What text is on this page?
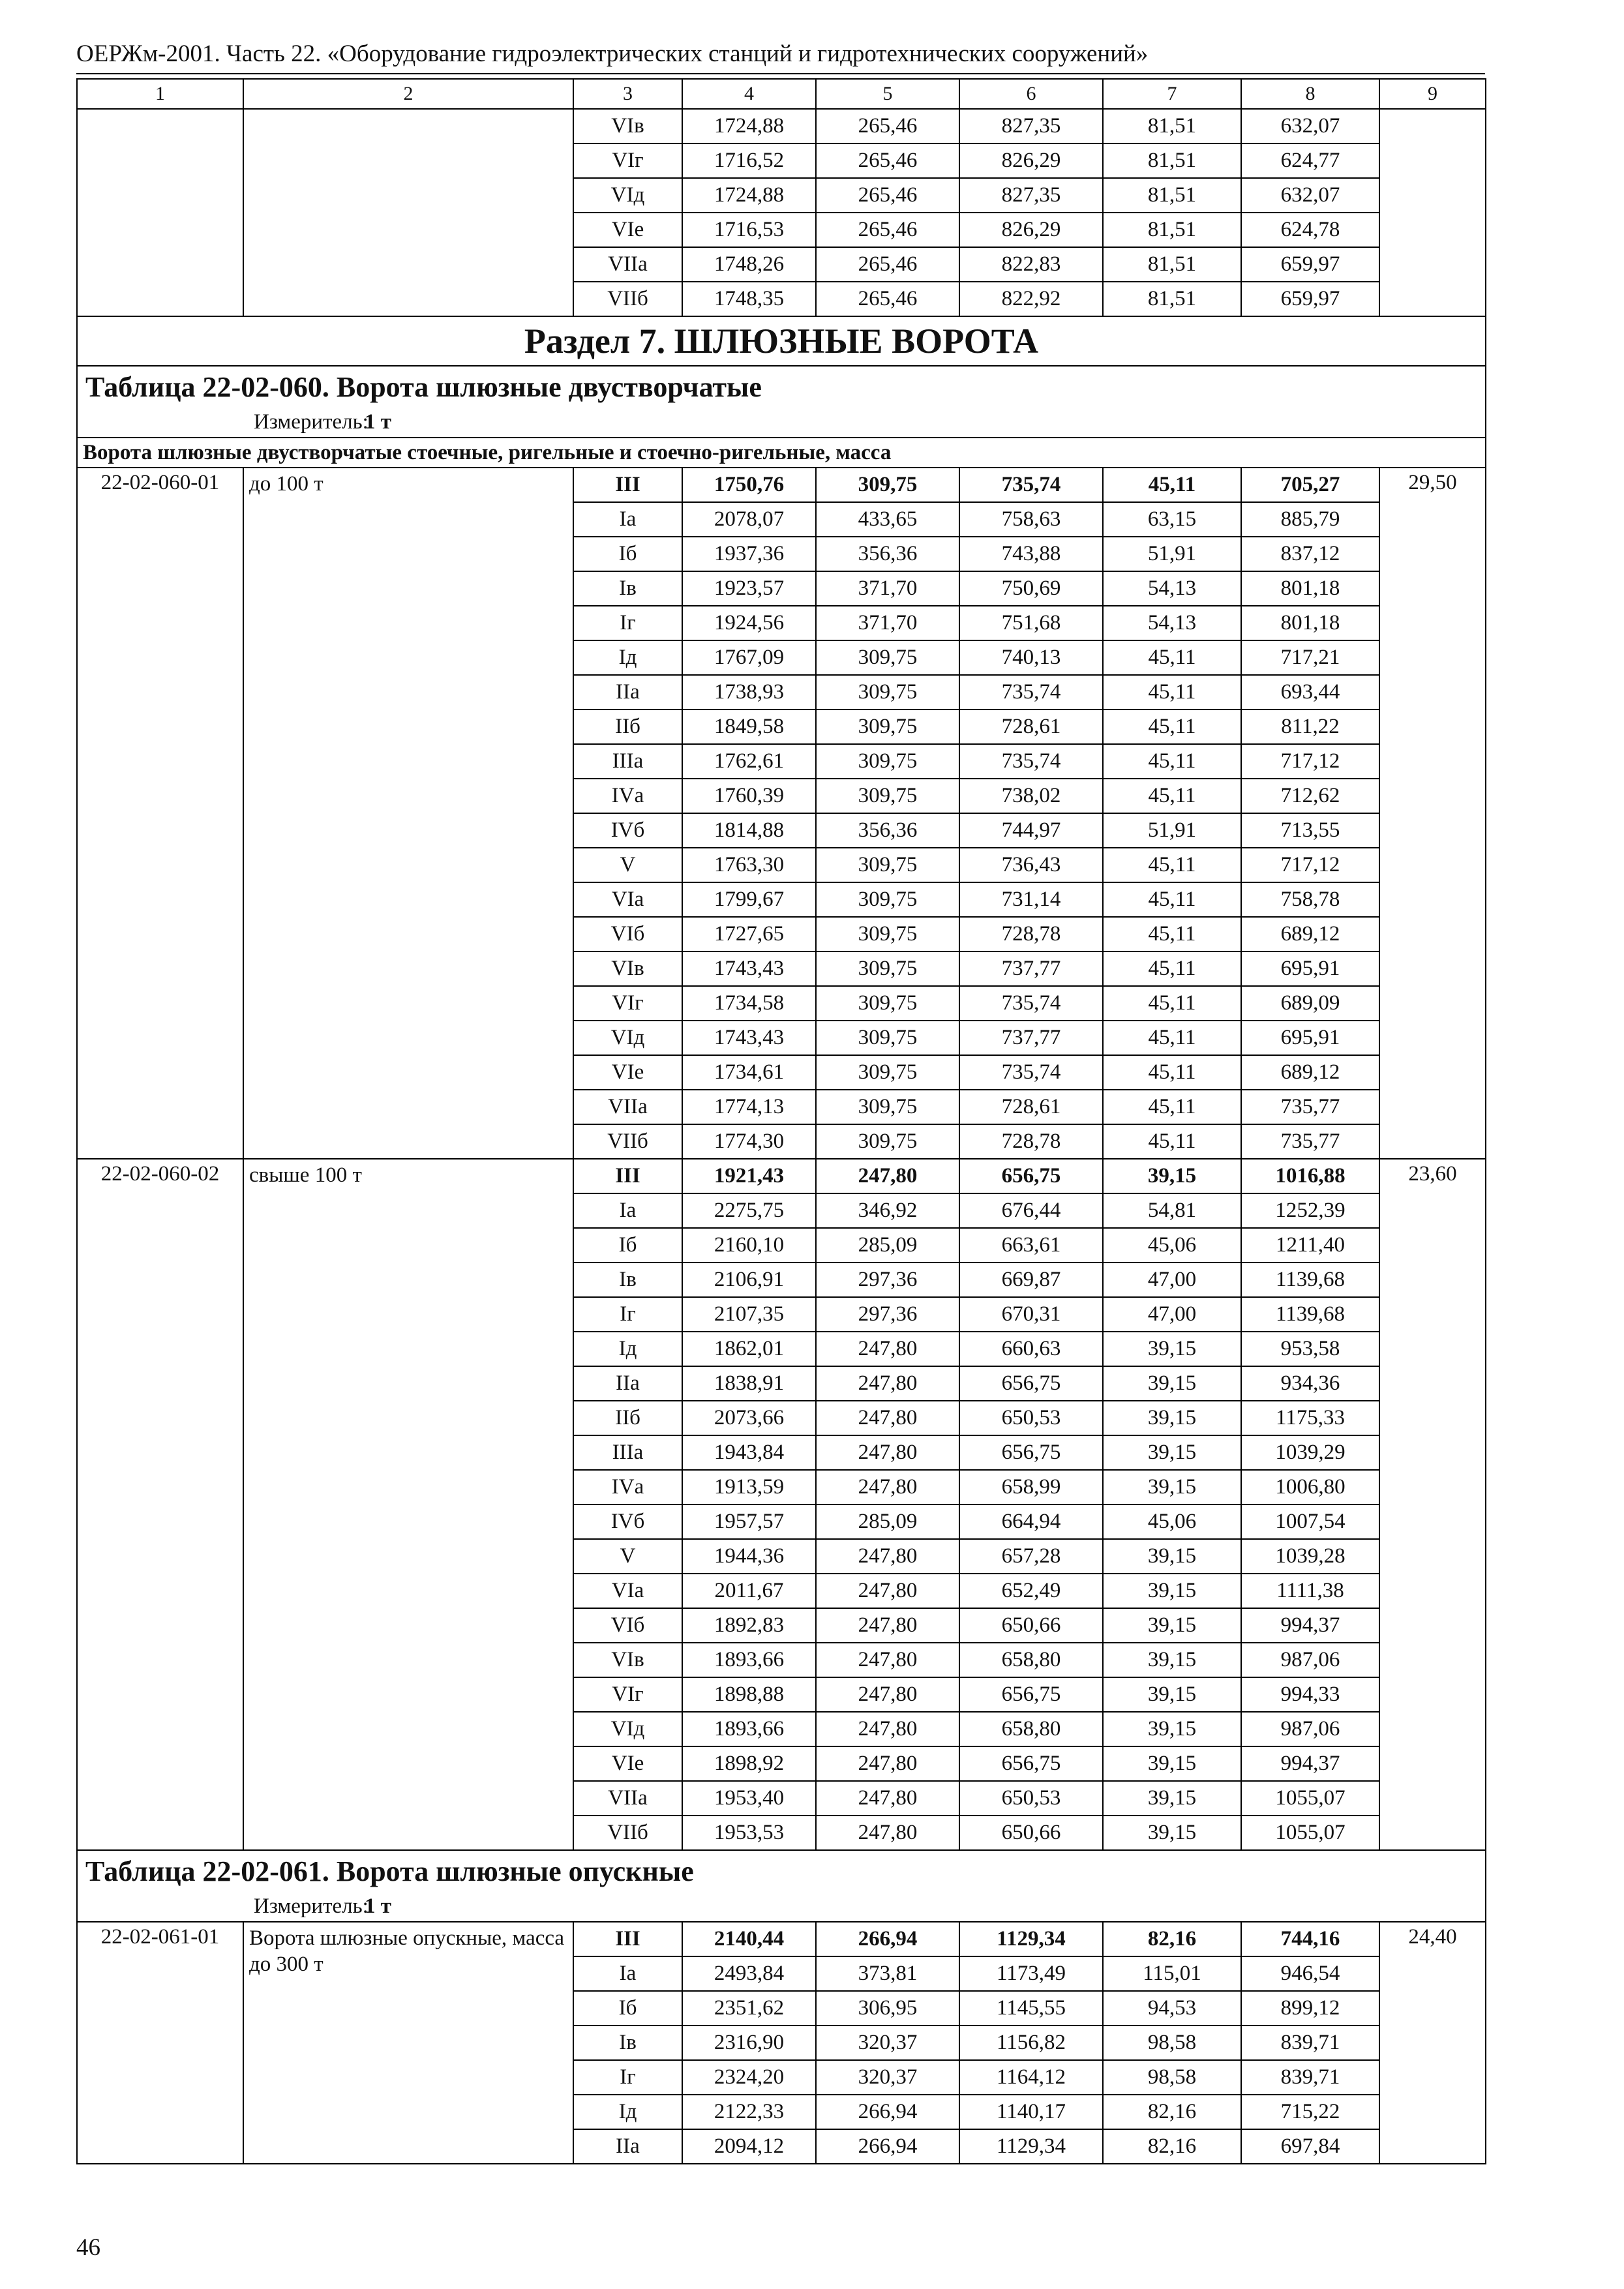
ОЕРЖм-2001. Часть 22. «Оборудование гидроэлектрических станций и гидротехнических сооружений»
1	2	3	4	5	6	7	8	9
		VIв	1724,88	265,46	827,35	81,51	632,07	
		VIг	1716,52	265,46	826,29	81,51	624,77	
		VIд	1724,88	265,46	827,35	81,51	632,07	
		VIе	1716,53	265,46	826,29	81,51	624,78	
		VIIа	1748,26	265,46	822,83	81,51	659,97	
		VIIб	1748,35	265,46	822,92	81,51	659,97	
Раздел 7. ШЛЮЗНЫЕ ВОРОТА								
Таблица 22-02-060. Ворота шлюзные двустворчатые								
Измеритель:1 т								
Ворота шлюзные двустворчатые стоечные, ригельные и стоечно-ригельные, масса								
22-02-060-01	до 100 т	III	1750,76	309,75	735,74	45,11	705,27	29,50
		Iа	2078,07	433,65	758,63	63,15	885,79	
		Iб	1937,36	356,36	743,88	51,91	837,12	
		Iв	1923,57	371,70	750,69	54,13	801,18	
		Iг	1924,56	371,70	751,68	54,13	801,18	
		Iд	1767,09	309,75	740,13	45,11	717,21	
		IIа	1738,93	309,75	735,74	45,11	693,44	
		IIб	1849,58	309,75	728,61	45,11	811,22	
		IIIа	1762,61	309,75	735,74	45,11	717,12	
		IVа	1760,39	309,75	738,02	45,11	712,62	
		IVб	1814,88	356,36	744,97	51,91	713,55	
		V	1763,30	309,75	736,43	45,11	717,12	
		VIа	1799,67	309,75	731,14	45,11	758,78	
		VIб	1727,65	309,75	728,78	45,11	689,12	
		VIв	1743,43	309,75	737,77	45,11	695,91	
		VIг	1734,58	309,75	735,74	45,11	689,09	
		VIд	1743,43	309,75	737,77	45,11	695,91	
		VIе	1734,61	309,75	735,74	45,11	689,12	
		VIIа	1774,13	309,75	728,61	45,11	735,77	
		VIIб	1774,30	309,75	728,78	45,11	735,77	
22-02-060-02	свыше 100 т	III	1921,43	247,80	656,75	39,15	1016,88	23,60
		Iа	2275,75	346,92	676,44	54,81	1252,39	
		Iб	2160,10	285,09	663,61	45,06	1211,40	
		Iв	2106,91	297,36	669,87	47,00	1139,68	
		Iг	2107,35	297,36	670,31	47,00	1139,68	
		Iд	1862,01	247,80	660,63	39,15	953,58	
		IIа	1838,91	247,80	656,75	39,15	934,36	
		IIб	2073,66	247,80	650,53	39,15	1175,33	
		IIIа	1943,84	247,80	656,75	39,15	1039,29	
		IVа	1913,59	247,80	658,99	39,15	1006,80	
		IVб	1957,57	285,09	664,94	45,06	1007,54	
		V	1944,36	247,80	657,28	39,15	1039,28	
		VIа	2011,67	247,80	652,49	39,15	1111,38	
		VIб	1892,83	247,80	650,66	39,15	994,37	
		VIв	1893,66	247,80	658,80	39,15	987,06	
		VIг	1898,88	247,80	656,75	39,15	994,33	
		VIд	1893,66	247,80	658,80	39,15	987,06	
		VIе	1898,92	247,80	656,75	39,15	994,37	
		VIIа	1953,40	247,80	650,53	39,15	1055,07	
		VIIб	1953,53	247,80	650,66	39,15	1055,07	
Таблица 22-02-061. Ворота шлюзные опускные								
Измеритель:1 т								
22-02-061-01	Ворота шлюзные опускные, масса до 300 т	III	2140,44	266,94	1129,34	82,16	744,16	24,40
		Iа	2493,84	373,81	1173,49	115,01	946,54	
		Iб	2351,62	306,95	1145,55	94,53	899,12	
		Iв	2316,90	320,37	1156,82	98,58	839,71	
		Iг	2324,20	320,37	1164,12	98,58	839,71	
		Iд	2122,33	266,94	1140,17	82,16	715,22	
		IIа	2094,12	266,94	1129,34	82,16	697,84	
46
